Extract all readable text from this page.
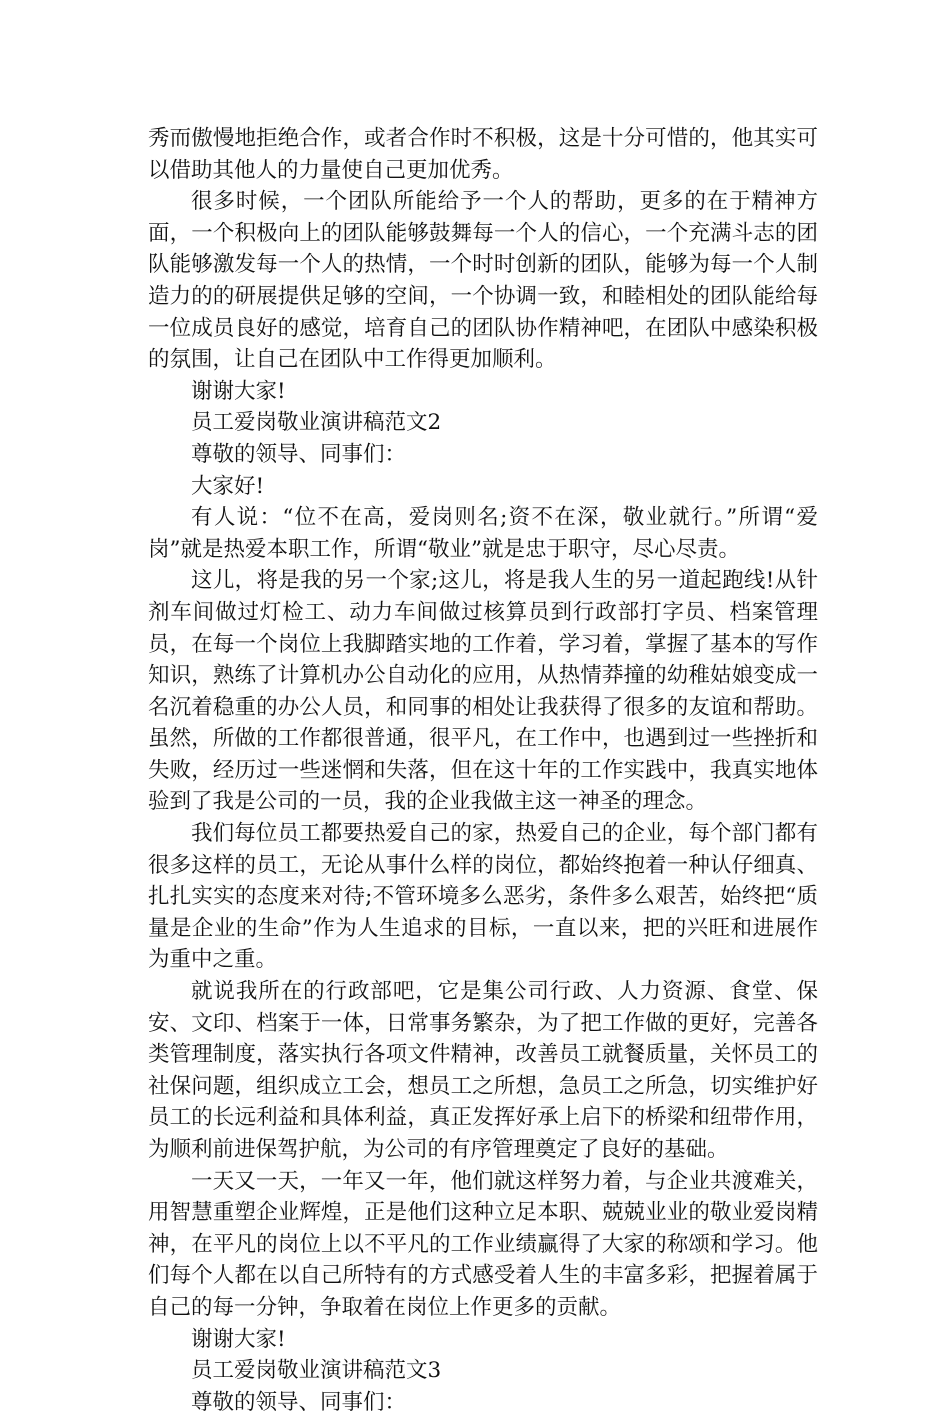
秀而傲慢地拒绝合作，或者合作时不积极，这是十分可惜的，他其实可以借助其他人的力量使自己更加优秀。

很多时候，一个团队所能给予一个人的帮助，更多的在于精神方面，一个积极向上的团队能够鼓舞每一个人的信心，一个充满斗志的团队能够激发每一个人的热情，一个时时创新的团队，能够为每一个人制造力的的研展提供足够的空间，一个协调一致，和睦相处的团队能给每一位成员良好的感觉，培育自己的团队协作精神吧，在团队中感染积极的氛围，让自己在团队中工作得更加顺利。

谢谢大家!

员工爱岗敬业演讲稿范文2

尊敬的领导、同事们：

大家好!

有人说：“位不在高，爱岗则名;资不在深，敬业就行。”所谓“爱岗”就是热爱本职工作，所谓“敬业”就是忠于职守，尽心尽责。

这儿，将是我的另一个家;这儿，将是我人生的另一道起跑线!从针剂车间做过灯检工、动力车间做过核算员到行政部打字员、档案管理员，在每一个岗位上我脚踏实地的工作着，学习着，掌握了基本的写作知识，熟练了计算机办公自动化的应用，从热情莽撞的幼稚姑娘变成一名沉着稳重的办公人员，和同事的相处让我获得了很多的友谊和帮助。虽然，所做的工作都很普通，很平凡，在工作中，也遇到过一些挫折和失败，经历过一些迷惘和失落，但在这十年的工作实践中，我真实地体验到了我是公司的一员，我的企业我做主这一神圣的理念。

我们每位员工都要热爱自己的家，热爱自己的企业，每个部门都有很多这样的员工，无论从事什么样的岗位，都始终抱着一种认仔细真、扎扎实实的态度来对待;不管环境多么恶劣，条件多么艰苦，始终把“质量是企业的生命”作为人生追求的目标，一直以来，把的兴旺和进展作为重中之重。

就说我所在的行政部吧，它是集公司行政、人力资源、食堂、保安、文印、档案于一体，日常事务繁杂，为了把工作做的更好，完善各类管理制度，落实执行各项文件精神，改善员工就餐质量，关怀员工的社保问题，组织成立工会，想员工之所想，急员工之所急，切实维护好员工的长远利益和具体利益，真正发挥好承上启下的桥梁和纽带作用，为顺利前进保驾护航，为公司的有序管理奠定了良好的基础。

一天又一天，一年又一年，他们就这样努力着，与企业共渡难关，用智慧重塑企业辉煌，正是他们这种立足本职、兢兢业业的敬业爱岗精神，在平凡的岗位上以不平凡的工作业绩赢得了大家的称颂和学习。他们每个人都在以自己所特有的方式感受着人生的丰富多彩，把握着属于自己的每一分钟，争取着在岗位上作更多的贡献。

谢谢大家!

员工爱岗敬业演讲稿范文3

尊敬的领导、同事们：
